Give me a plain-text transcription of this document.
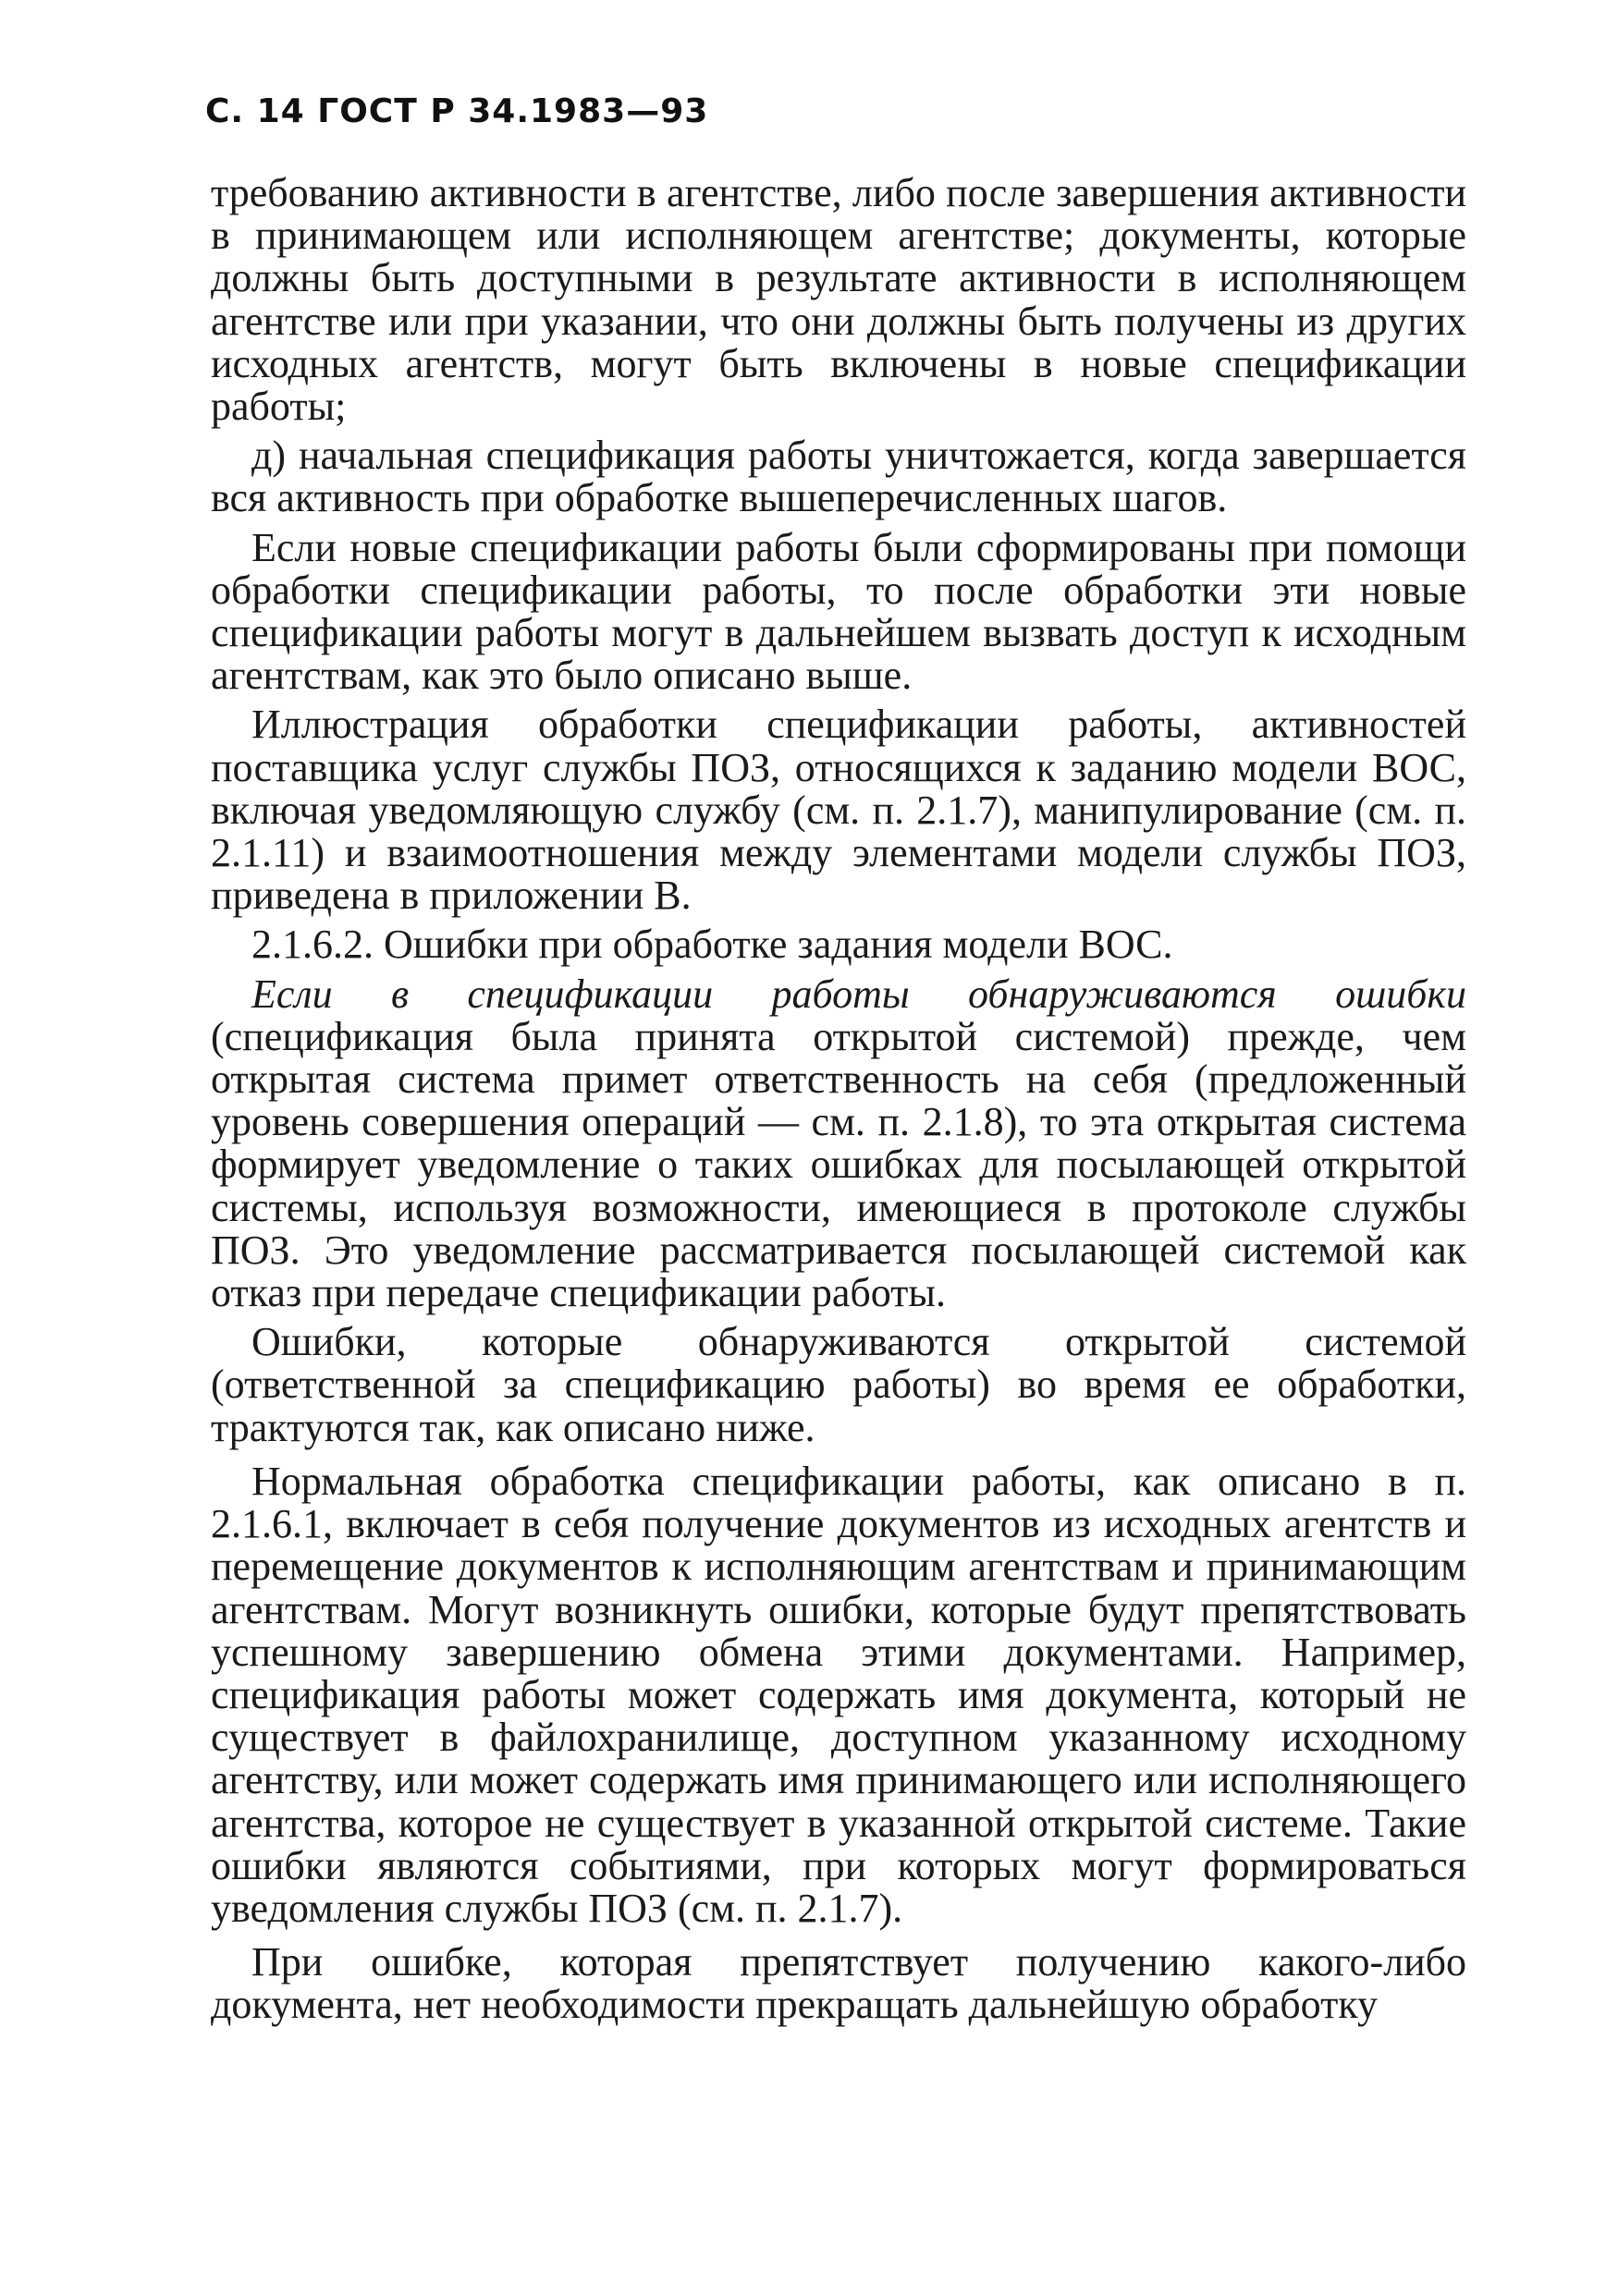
С. 14 ГОСТ Р 34.1983—93

требованию активности в агентстве, либо после завершения активности в принимающем или исполняющем агентстве; документы, которые должны быть доступными в результате активности в исполняющем агентстве или при указании, что они должны быть получены из других исходных агентств, могут быть включены в новые спецификации работы;

д) начальная спецификация работы уничтожается, когда завершается вся активность при обработке вышеперечисленных шагов.

Если новые спецификации работы были сформированы при помощи обработки спецификации работы, то после обработки эти новые спецификации работы могут в дальнейшем вызвать доступ к исходным агентствам, как это было описано выше.

Иллюстрация обработки спецификации работы, активностей поставщика услуг службы ПОЗ, относящихся к заданию модели ВОС, включая уведомляющую службу (см. п. 2.1.7), манипулирование (см. п. 2.1.11) и взаимоотношения между элементами модели службы ПОЗ, приведена в приложении В.

2.1.6.2. Ошибки при обработке задания модели ВОС.

Если в спецификации работы обнаруживаются ошибки (спецификация была принята открытой системой) прежде, чем открытая система примет ответственность на себя (предложенный уровень совершения операций — см. п. 2.1.8), то эта открытая система формирует уведомление о таких ошибках для посылающей открытой системы, используя возможности, имеющиеся в протоколе службы ПОЗ. Это уведомление рассматривается посылающей системой как отказ при передаче спецификации работы.

Ошибки, которые обнаруживаются открытой системой (ответственной за спецификацию работы) во время ее обработки, трактуются так, как описано ниже.

Нормальная обработка спецификации работы, как описано в п. 2.1.6.1, включает в себя получение документов из исходных агентств и перемещение документов к исполняющим агентствам и принимающим агентствам. Могут возникнуть ошибки, которые будут препятствовать успешному завершению обмена этими документами. Например, спецификация работы может содержать имя документа, который не существует в файлохранилище, доступном указанному исходному агентству, или может содержать имя принимающего или исполняющего агентства, которое не существует в указанной открытой системе. Такие ошибки являются событиями, при которых могут формироваться уведомления службы ПОЗ (см. п. 2.1.7).

При ошибке, которая препятствует получению какого-либо документа, нет необходимости прекращать дальнейшую обработку
